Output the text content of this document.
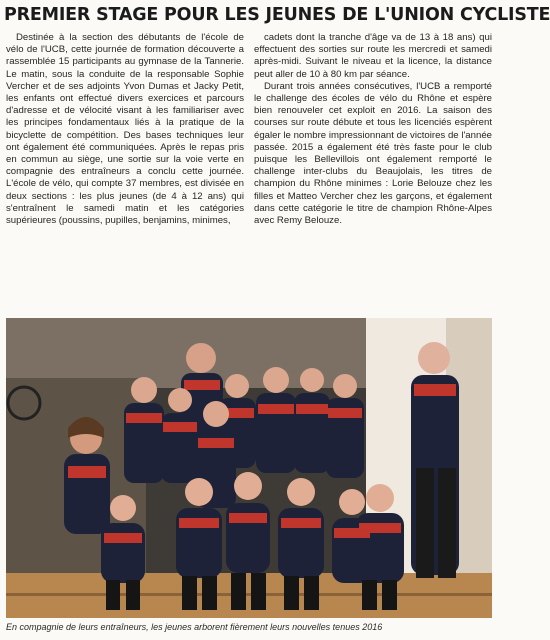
PREMIER STAGE POUR LES JEUNES DE L'UNION CYCLISTE

Destinée à la section des débutants de l'école de vélo de l'UCB, cette journée de formation découverte a rassemblée 15 participants au gymnase de la Tannerie. Le matin, sous la conduite de la responsable Sophie Vercher et de ses adjoints Yvon Dumas et Jacky Petit, les enfants ont effectué divers exercices et parcours d'adresse et de vélocité visant à les familiariser avec les principes fondamentaux liés à la pratique de la bicyclette de compétition. Des bases techniques leur ont également été communiquées. Après le repas pris en commun au siège, une sortie sur la voie verte en compagnie des entraîneurs a conclu cette journée. L'école de vélo, qui compte 37 membres, est divisée en deux sections : les plus jeunes (de 4 à 12 ans) qui s'entraînent le samedi matin et les catégories supérieures (poussins, pupilles, benjamins, minimes,

cadets dont la tranche d'âge va de 13 à 18 ans) qui effectuent des sorties sur route les mercredi et samedi après-midi. Suivant le niveau et la licence, la distance peut aller de 10 à 80 km par séance.

Durant trois années consécutives, l'UCB a remporté le challenge des écoles de vélo du Rhône et espère bien renouveler cet exploit en 2016. La saison des courses sur route débute et tous les licenciés espèrent égaler le nombre impressionnant de victoires de l'année passée. 2015 a également été très faste pour le club puisque les Bellevillois ont également remporté le challenge inter-clubs du Beaujolais, les titres de champion du Rhône minimes : Lorie Belouze chez les filles et Matteo Vercher chez les garçons, et également dans cette catégorie le titre de champion Rhône-Alpes avec Remy Belouze.

En compagnie de leurs entraîneurs, les jeunes arborent fièrement leurs nouvelles tenues 2016
